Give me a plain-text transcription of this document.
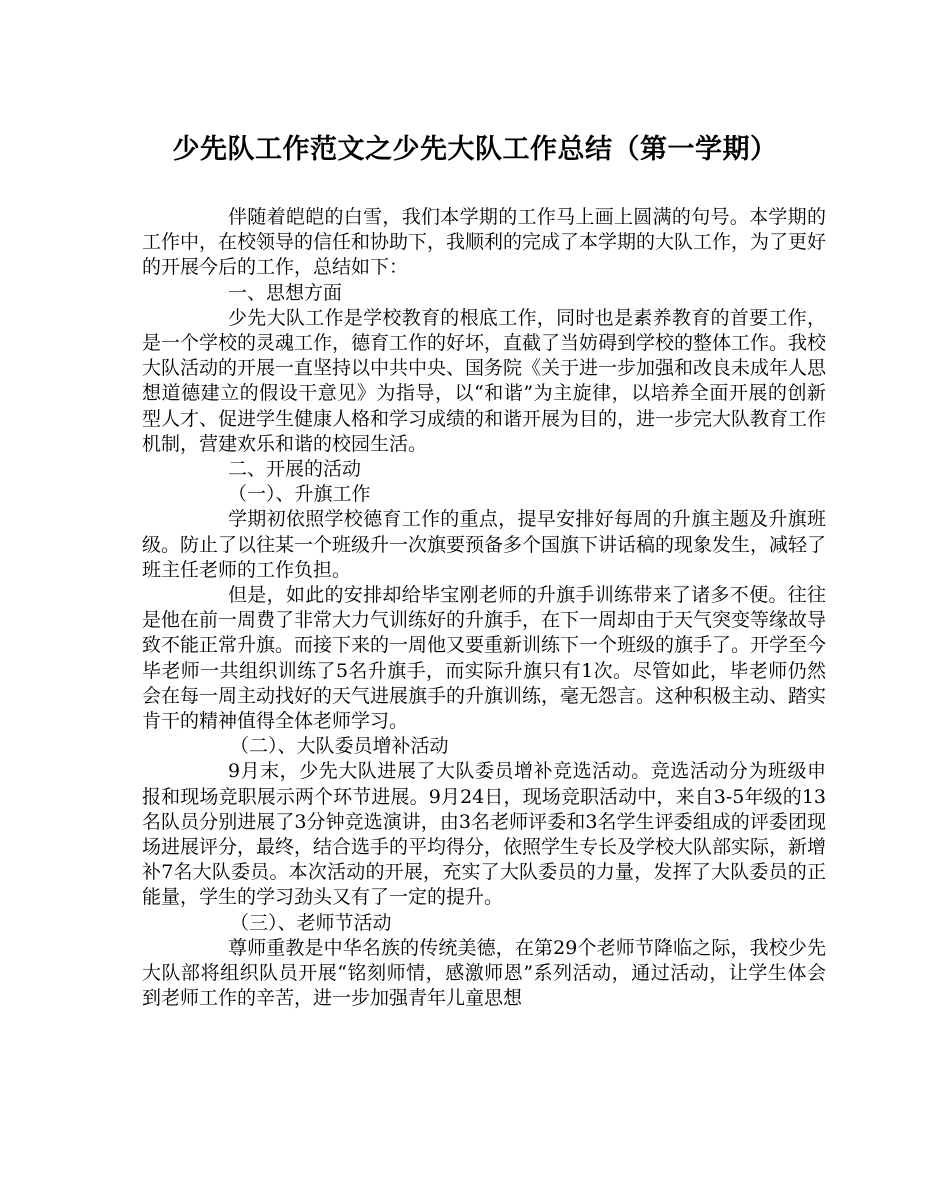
少先队工作范文之少先大队工作总结（第一学期）

伴随着皑皑的白雪，我们本学期的工作马上画上圆满的句号。本学期的工作中，在校领导的信任和协助下，我顺利的完成了本学期的大队工作，为了更好的开展今后的工作，总结如下：

一、思想方面

少先大队工作是学校教育的根底工作，同时也是素养教育的首要工作，是一个学校的灵魂工作，德育工作的好坏，直截了当妨碍到学校的整体工作。我校大队活动的开展一直坚持以中共中央、国务院《关于进一步加强和改良未成年人思想道德建立的假设干意见》为指导，以“和谐”为主旋律，以培养全面开展的创新型人才、促进学生健康人格和学习成绩的和谐开展为目的，进一步完大队教育工作机制，营建欢乐和谐的校园生活。

二、开展的活动

（一）、升旗工作

学期初依照学校德育工作的重点，提早安排好每周的升旗主题及升旗班级。防止了以往某一个班级升一次旗要预备多个国旗下讲话稿的现象发生，减轻了班主任老师的工作负担。

但是，如此的安排却给毕宝刚老师的升旗手训练带来了诸多不便。往往是他在前一周费了非常大力气训练好的升旗手，在下一周却由于天气突变等缘故导致不能正常升旗。而接下来的一周他又要重新训练下一个班级的旗手了。开学至今毕老师一共组织训练了5名升旗手，而实际升旗只有1次。尽管如此，毕老师仍然会在每一周主动找好的天气进展旗手的升旗训练，毫无怨言。这种积极主动、踏实肯干的精神值得全体老师学习。

（二）、大队委员增补活动

9月末，少先大队进展了大队委员增补竞选活动。竞选活动分为班级申报和现场竞职展示两个环节进展。9月24日，现场竞职活动中，来自3-5年级的13名队员分别进展了3分钟竞选演讲，由3名老师评委和3名学生评委组成的评委团现场进展评分，最终，结合选手的平均得分，依照学生专长及学校大队部实际，新增补7名大队委员。本次活动的开展，充实了大队委员的力量，发挥了大队委员的正能量，学生的学习劲头又有了一定的提升。

（三）、老师节活动

尊师重教是中华名族的传统美德，在第29个老师节降临之际，我校少先大队部将组织队员开展“铭刻师情，感激师恩”系列活动，通过活动，让学生体会到老师工作的辛苦，进一步加强青年儿童思想
